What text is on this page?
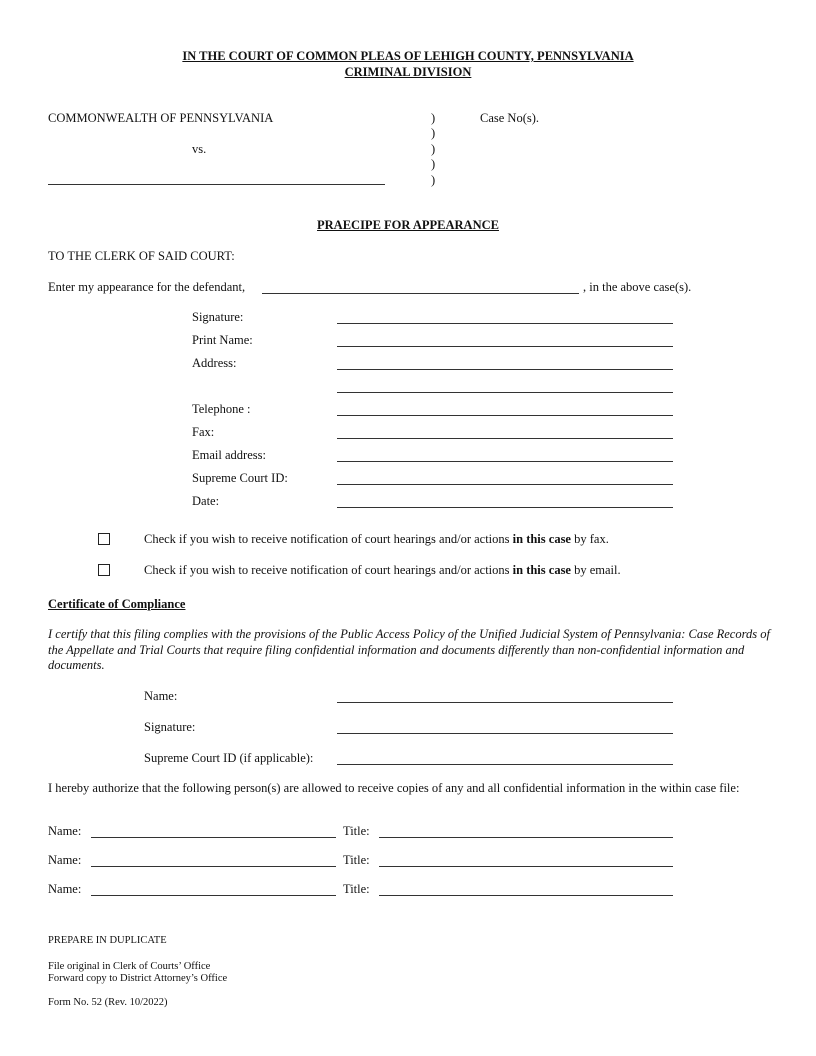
IN THE COURT OF COMMON PLEAS OF LEHIGH COUNTY, PENNSYLVANIA
CRIMINAL DIVISION
COMMONWEALTH OF PENNSYLVANIA
vs.
)
)
)
)
)
Case No(s).
PRAECIPE FOR APPEARANCE
TO THE CLERK OF SAID COURT:
Enter my appearance for the defendant,	, in the above case(s).
Signature:
Print Name:
Address:
Telephone :
Fax:
Email address:
Supreme Court ID:
Date:
Check if you wish to receive notification of court hearings and/or actions in this case by fax.
Check if you wish to receive notification of court hearings and/or actions in this case by email.
Certificate of Compliance
I certify that this filing complies with the provisions of the Public Access Policy of the Unified Judicial System of Pennsylvania: Case Records of the Appellate and Trial Courts that require filing confidential information and documents differently than non-confidential information and documents.
Name:
Signature:
Supreme Court ID (if applicable):
I hereby authorize that the following person(s) are allowed to receive copies of any and all confidential information in the within case file:
Name:	Title:
Name:	Title:
Name:	Title:
PREPARE IN DUPLICATE
File original in Clerk of Courts’ Office
Forward copy to District Attorney’s Office
Form No. 52 (Rev. 10/2022)
